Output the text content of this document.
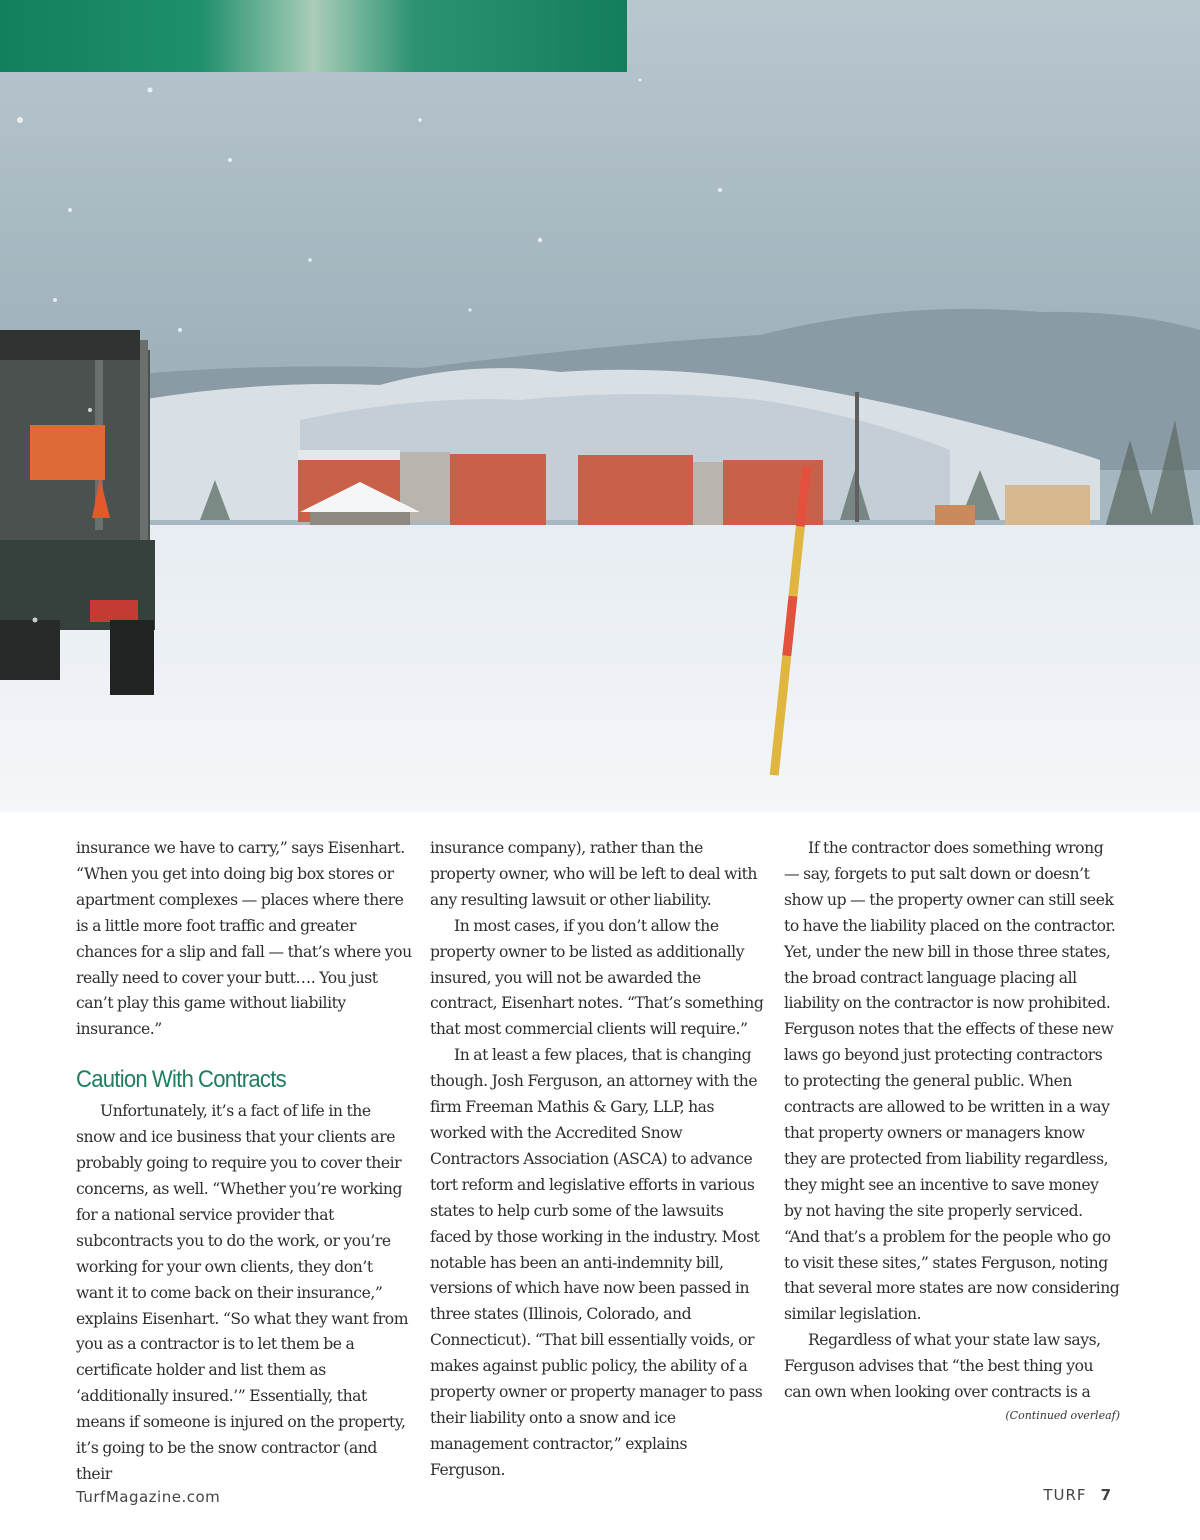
insurance we have to carry,” says Eisenhart. “When you get into doing big box stores or apartment complexes — places where there is a little more foot traffic and greater chances for a slip and fall — that’s where you really need to cover your butt…. You just can’t play this game without liability insurance.”

Caution With Contracts

Unfortunately, it’s a fact of life in the snow and ice business that your clients are probably going to require you to cover their concerns, as well. “Whether you’re working for a national service provider that subcontracts you to do the work, or you’re working for your own clients, they don’t want it to come back on their insurance,” explains Eisenhart. “So what they want from you as a contractor is to let them be a certificate holder and list them as ‘additionally insured.’” Essentially, that means if someone is injured on the property, it’s going to be the snow contractor (and their

insurance company), rather than the property owner, who will be left to deal with any resulting lawsuit or other liability.

In most cases, if you don’t allow the property owner to be listed as additionally insured, you will not be awarded the contract, Eisenhart notes. “That’s something that most commercial clients will require.”

In at least a few places, that is changing though. Josh Ferguson, an attorney with the firm Freeman Mathis & Gary, LLP, has worked with the Accredited Snow Contractors Association (ASCA) to advance tort reform and legislative efforts in various states to help curb some of the lawsuits faced by those working in the industry. Most notable has been an anti-indemnity bill, versions of which have now been passed in three states (Illinois, Colorado, and Connecticut). “That bill essentially voids, or makes against public policy, the ability of a property owner or property manager to pass their liability onto a snow and ice management contractor,” explains Ferguson.

If the contractor does something wrong — say, forgets to put salt down or doesn’t show up — the property owner can still seek to have the liability placed on the contractor. Yet, under the new bill in those three states, the broad contract language placing all liability on the contractor is now prohibited. Ferguson notes that the effects of these new laws go beyond just protecting contractors to protecting the general public. When contracts are allowed to be written in a way that property owners or managers know they are protected from liability regardless, they might see an incentive to save money by not having the site properly serviced. “And that’s a problem for the people who go to visit these sites,” states Ferguson, noting that several more states are now considering similar legislation.

Regardless of what your state law says, Ferguson advises that “the best thing you can own when looking over contracts is a

(Continued overleaf)
TurfMagazine.com	TURF 7
